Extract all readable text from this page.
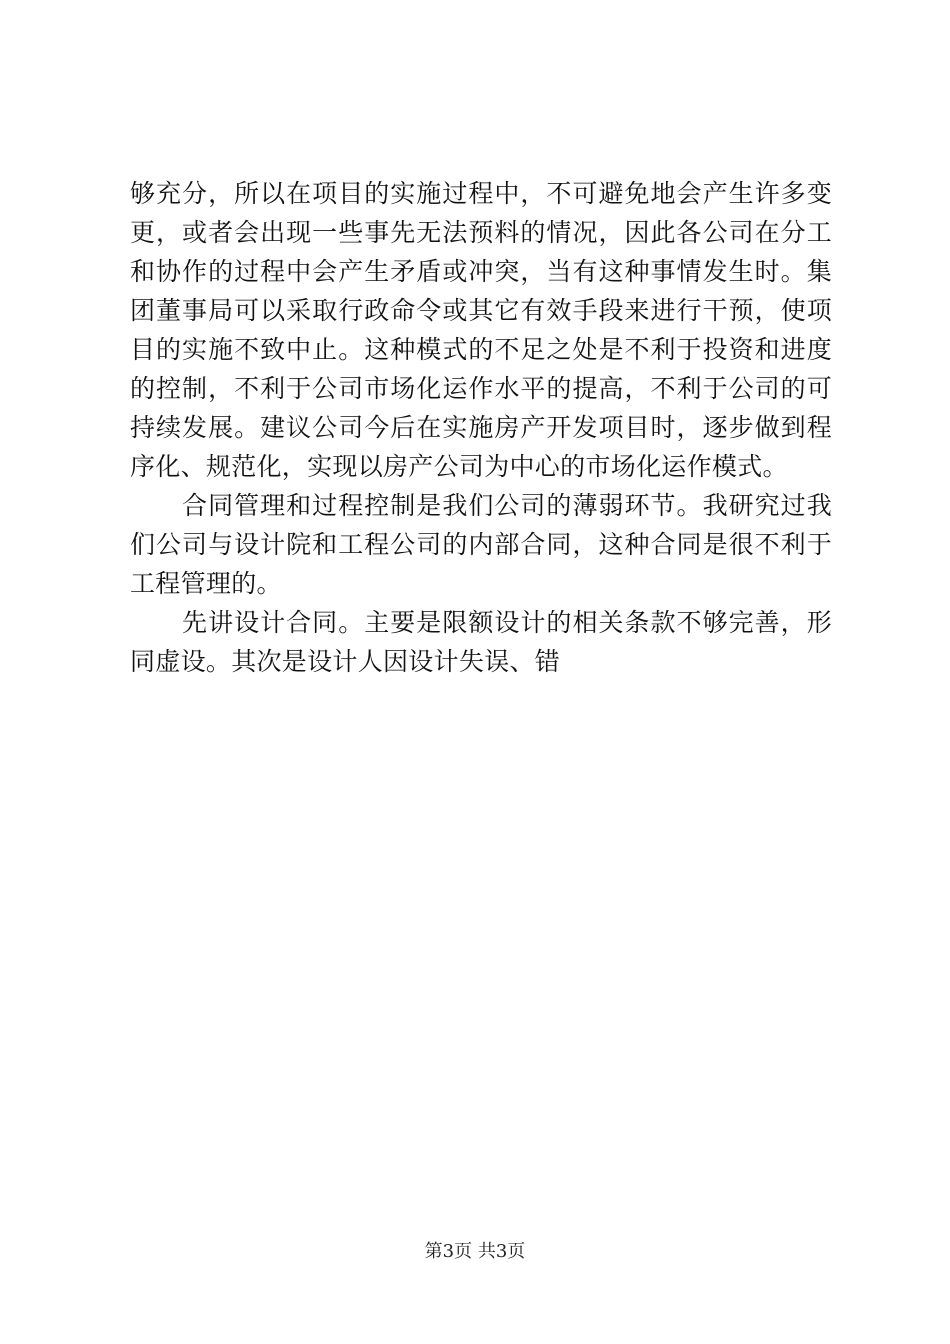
够充分，所以在项目的实施过程中，不可避免地会产生许多变
更，或者会出现一些事先无法预料的情况，因此各公司在分工
和协作的过程中会产生矛盾或冲突，当有这种事情发生时。集
团董事局可以采取行政命令或其它有效手段来进行干预，使项
目的实施不致中止。这种模式的不足之处是不利于投资和进度
的控制，不利于公司市场化运作水平的提高，不利于公司的可
持续发展。建议公司今后在实施房产开发项目时，逐步做到程
序化、规范化，实现以房产公司为中心的市场化运作模式。
　　合同管理和过程控制是我们公司的薄弱环节。我研究过我
们公司与设计院和工程公司的内部合同，这种合同是很不利于
工程管理的。
　　先讲设计合同。主要是限额设计的相关条款不够完善，形
同虚设。其次是设计人因设计失误、错
第3页 共3页
